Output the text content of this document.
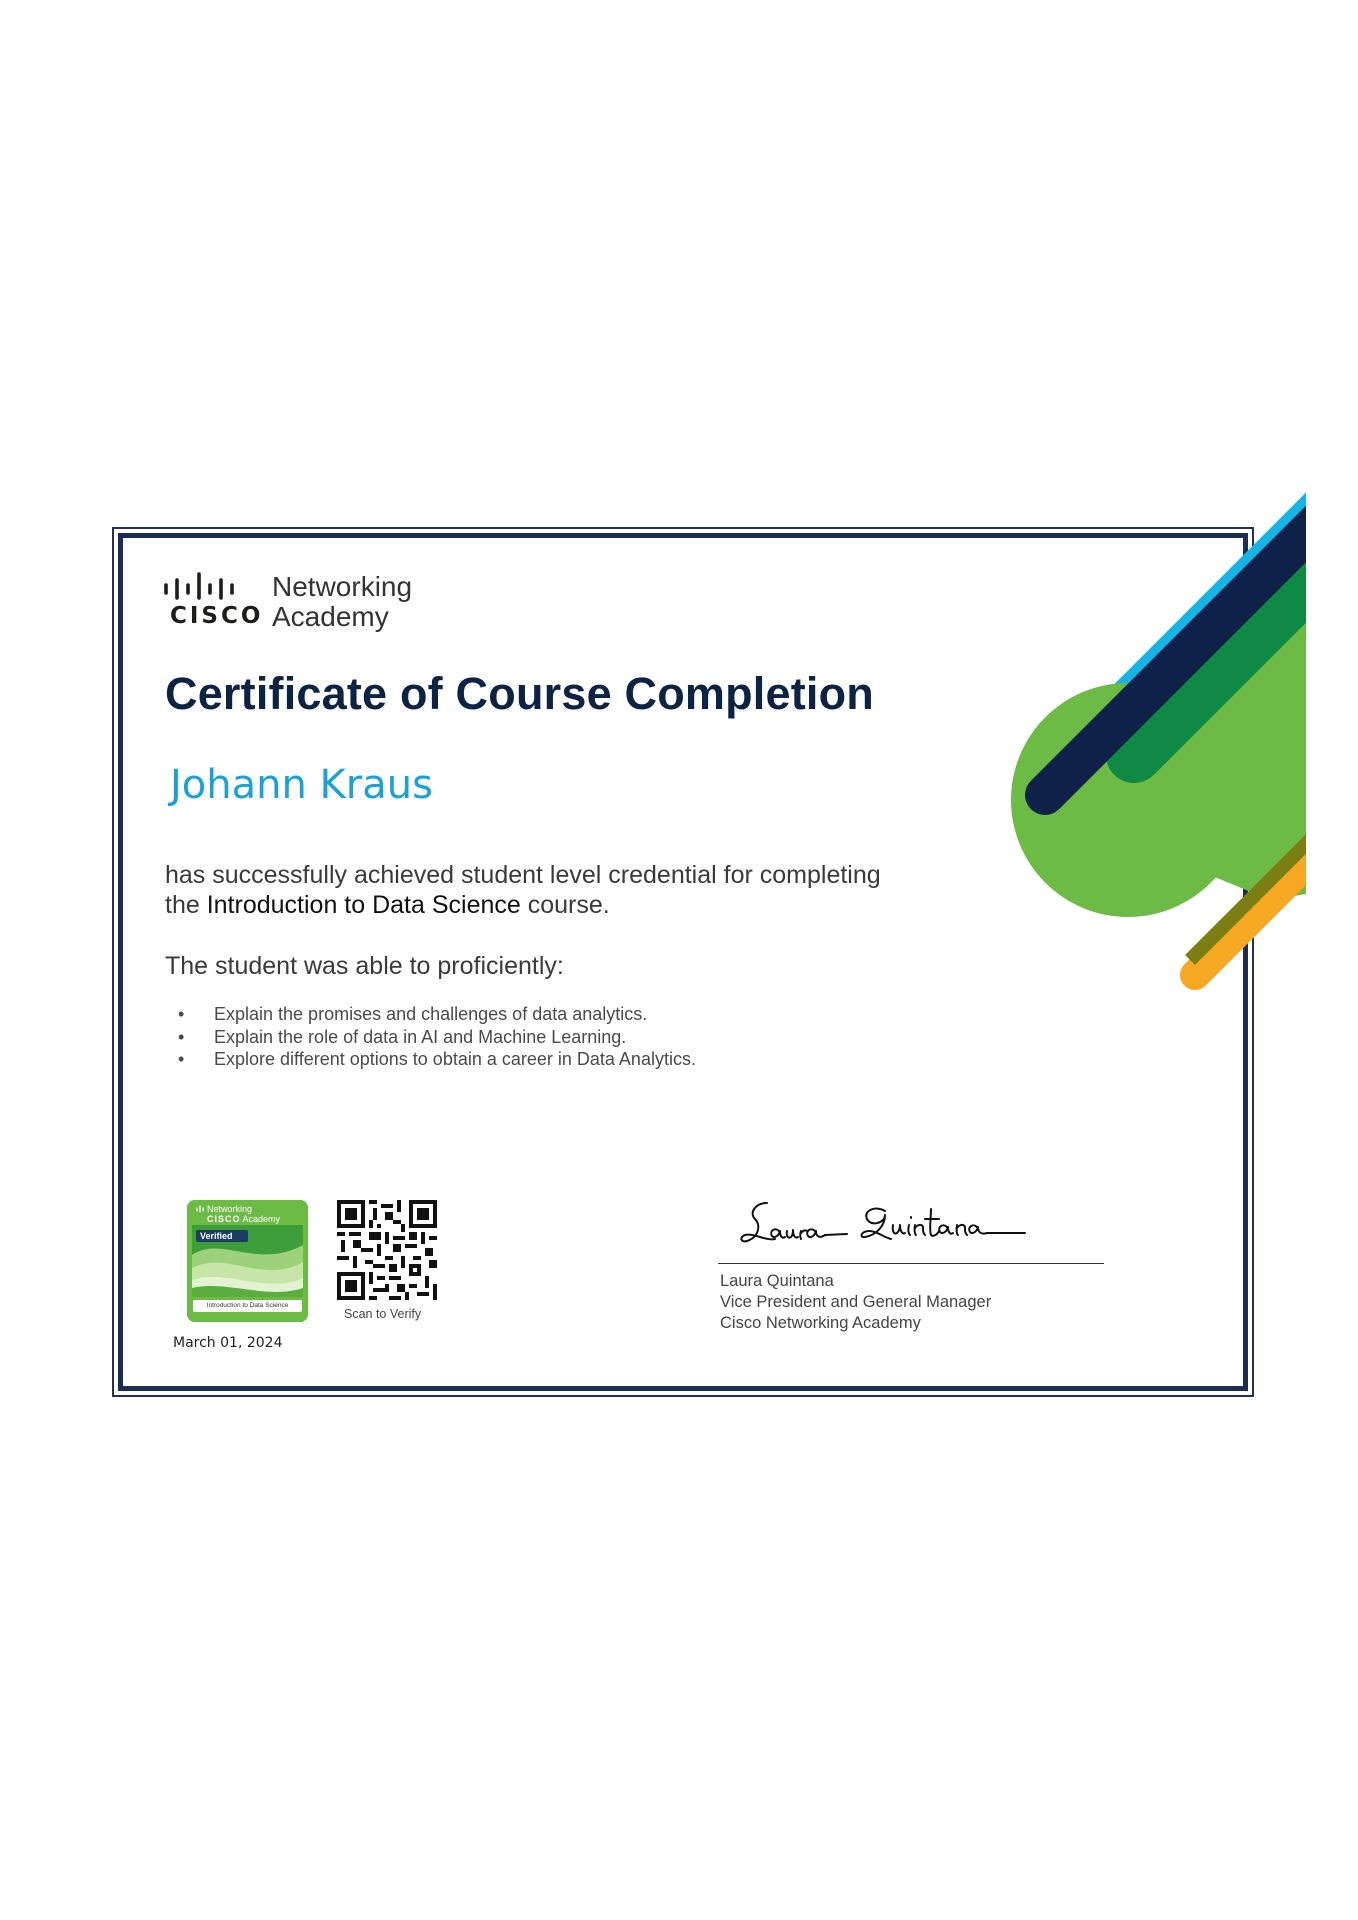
CISCO
Networking
Academy
Certificate of Course Completion
Johann Kraus
has successfully achieved student level credential for completing
the Introduction to Data Science course.
The student was able to proficiently:
• Explain the promises and challenges of data analytics.
• Explain the role of data in AI and Machine Learning.
• Explore different options to obtain a career in Data Analytics.
Networking
CISCO Academy
Verified
Introduction to Data Science
Scan to Verify
March 01, 2024
Laura Quintana
Vice President and General Manager
Cisco Networking Academy
